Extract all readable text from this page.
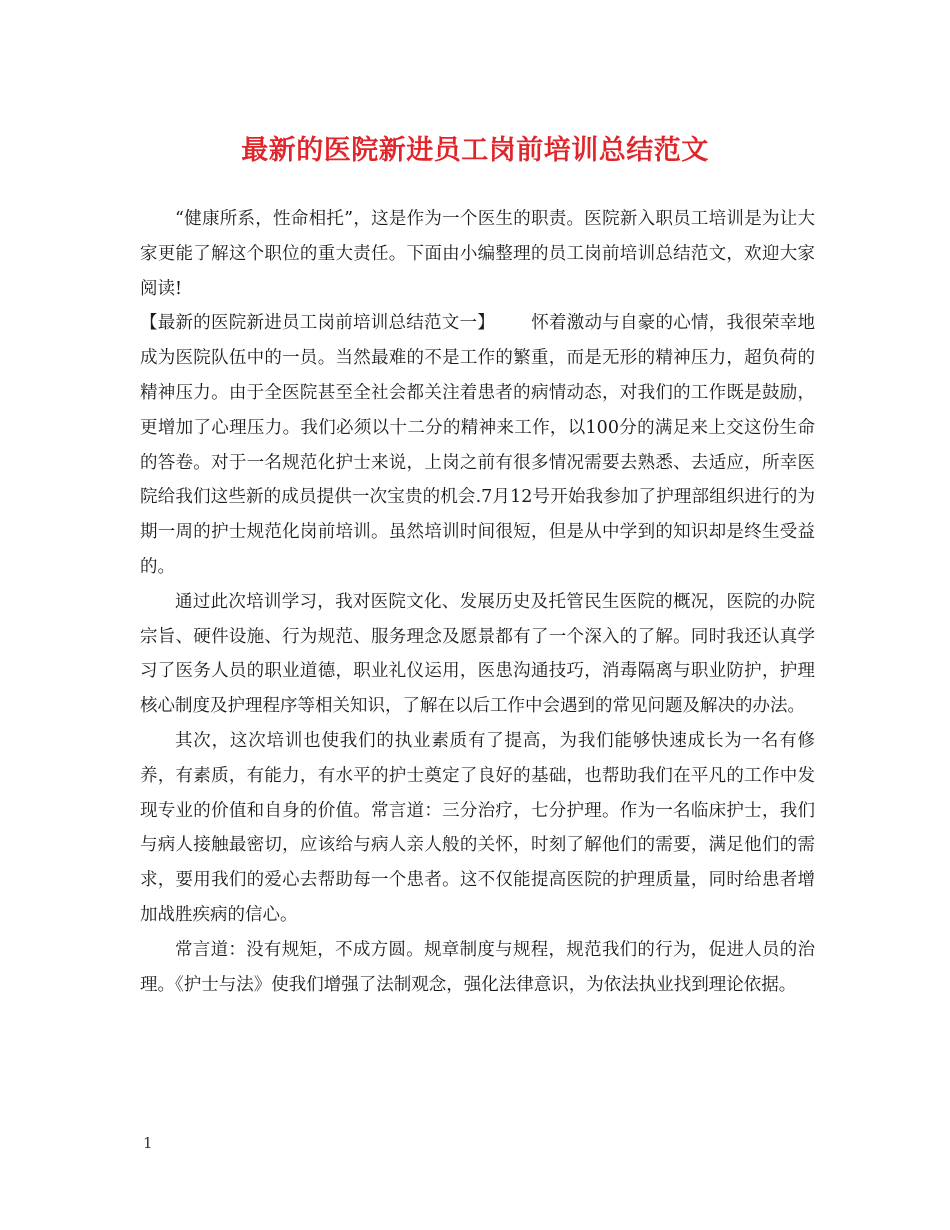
最新的医院新进员工岗前培训总结范文

“健康所系，性命相托”，这是作为一个医生的职责。医院新入职员工培训是为让大家更能了解这个职位的重大责任。下面由小编整理的员工岗前培训总结范文，欢迎大家阅读!

【最新的医院新进员工岗前培训总结范文一】 怀着激动与自豪的心情，我很荣幸地成为医院队伍中的一员。当然最难的不是工作的繁重，而是无形的精神压力，超负荷的精神压力。由于全医院甚至全社会都关注着患者的病情动态，对我们的工作既是鼓励，更增加了心理压力。我们必须以十二分的精神来工作，以100分的满足来上交这份生命的答卷。对于一名规范化护士来说，上岗之前有很多情况需要去熟悉、去适应，所幸医院给我们这些新的成员提供一次宝贵的机会.7月12号开始我参加了护理部组织进行的为期一周的护士规范化岗前培训。虽然培训时间很短，但是从中学到的知识却是终生受益的。

通过此次培训学习，我对医院文化、发展历史及托管民生医院的概况，医院的办院宗旨、硬件设施、行为规范、服务理念及愿景都有了一个深入的了解。同时我还认真学习了医务人员的职业道德，职业礼仪运用，医患沟通技巧，消毒隔离与职业防护，护理核心制度及护理程序等相关知识，了解在以后工作中会遇到的常见问题及解决的办法。

其次，这次培训也使我们的执业素质有了提高，为我们能够快速成长为一名有修养，有素质，有能力，有水平的护士奠定了良好的基础，也帮助我们在平凡的工作中发现专业的价值和自身的价值。常言道：三分治疗，七分护理。作为一名临床护士，我们与病人接触最密切，应该给与病人亲人般的关怀，时刻了解他们的需要，满足他们的需求，要用我们的爱心去帮助每一个患者。这不仅能提高医院的护理质量，同时给患者增加战胜疾病的信心。

常言道：没有规矩，不成方圆。规章制度与规程，规范我们的行为，促进人员的治理。《护士与法》使我们增强了法制观念，强化法律意识，为依法执业找到理论依据。

1
